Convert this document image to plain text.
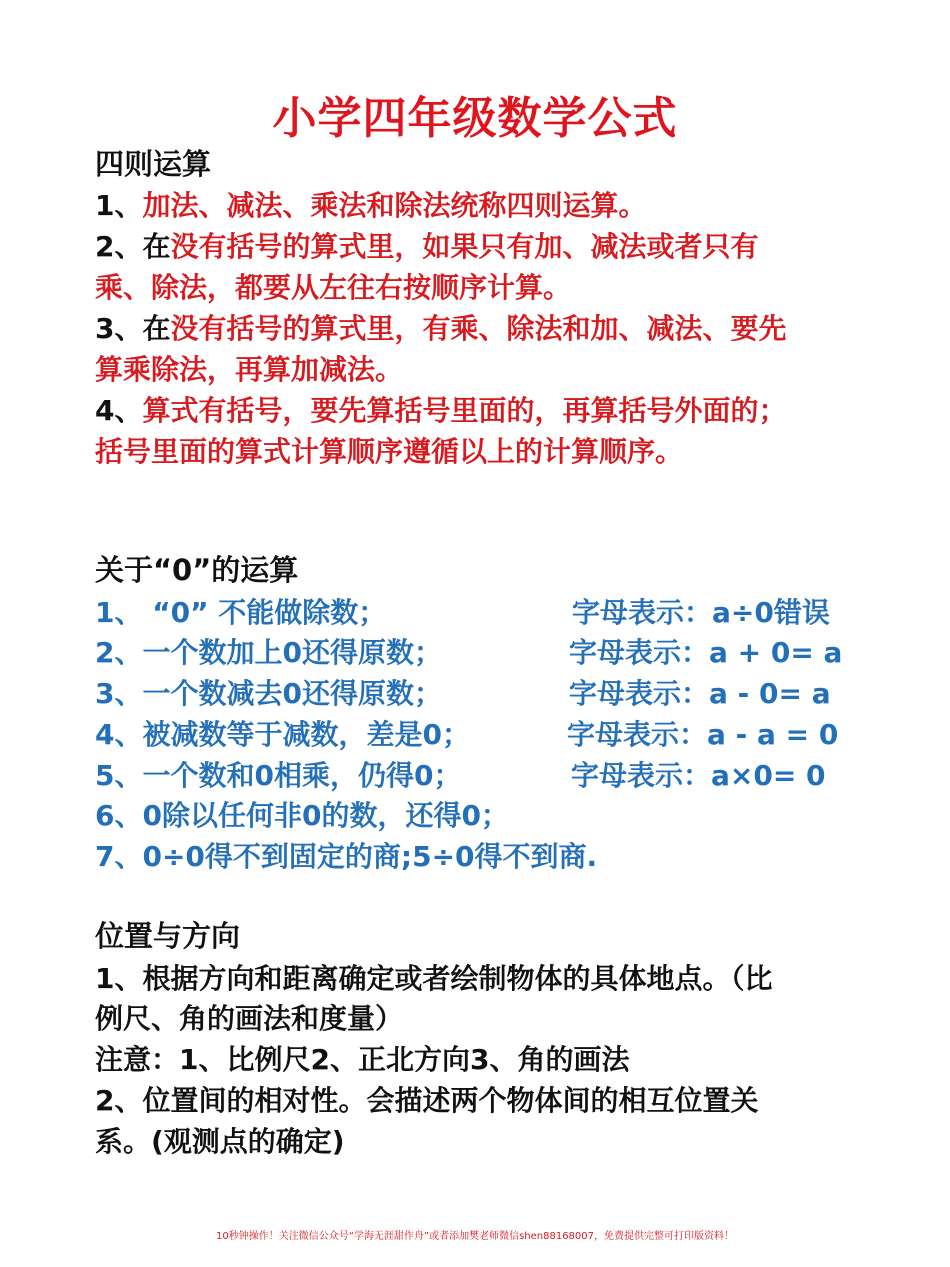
小学四年级数学公式
四则运算
1、加法、减法、乘法和除法统称四则运算。
2、在没有括号的算式里，如果只有加、减法或者只有
乘、除法，都要从左往右按顺序计算。
3、在没有括号的算式里，有乘、除法和加、减法、要先
算乘除法，再算加减法。
4、算式有括号，要先算括号里面的，再算括号外面的；
括号里面的算式计算顺序遵循以上的计算顺序。
关于“0”的运算
1、 “0” 不能做除数；	字母表示：a÷0错误
2、一个数加上0还得原数；	字母表示：a + 0= a
3、一个数减去0还得原数；	字母表示：a - 0= a
4、被减数等于减数，差是0；	字母表示：a - a = 0
5、一个数和0相乘，仍得0；	字母表示：a×0= 0
6、0除以任何非0的数，还得0；
7、0÷0得不到固定的商;5÷0得不到商.
位置与方向
1、根据方向和距离确定或者绘制物体的具体地点。（比
例尺、角的画法和度量）
注意：1、比例尺2、正北方向3、角的画法
2、位置间的相对性。会描述两个物体间的相互位置关
系。(观测点的确定)
10秒钟操作！关注微信公众号“学海无涯甜作舟”或者添加樊老师微信shen88168007，免费提供完整可打印版资料！
